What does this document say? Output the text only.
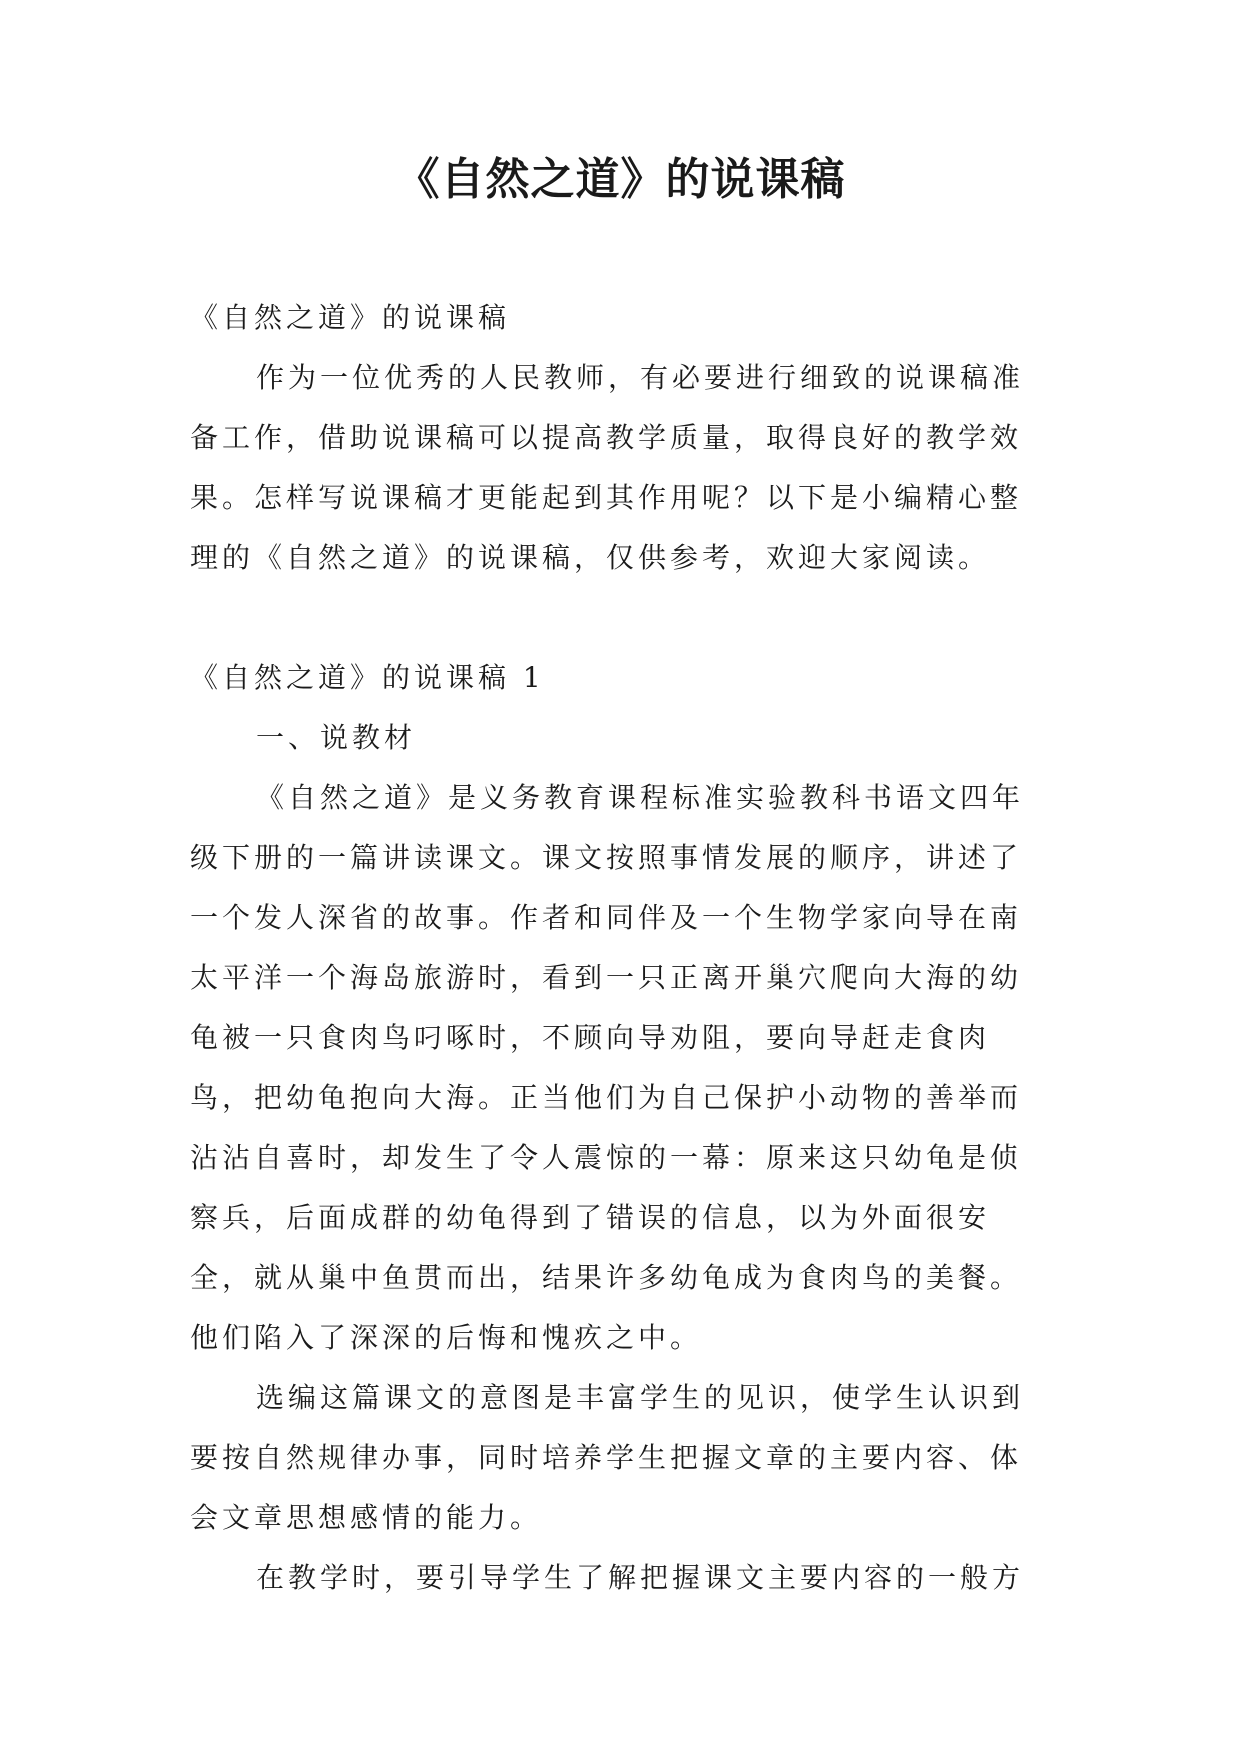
《自然之道》的说课稿

《自然之道》的说课稿

作为一位优秀的人民教师，有必要进行细致的说课稿准备工作，借助说课稿可以提高教学质量，取得良好的教学效果。怎样写说课稿才更能起到其作用呢？以下是小编精心整理的《自然之道》的说课稿，仅供参考，欢迎大家阅读。

《自然之道》的说课稿 1

一、说教材

《自然之道》是义务教育课程标准实验教科书语文四年级下册的一篇讲读课文。课文按照事情发展的顺序，讲述了一个发人深省的故事。作者和同伴及一个生物学家向导在南太平洋一个海岛旅游时，看到一只正离开巢穴爬向大海的幼龟被一只食肉鸟叼啄时，不顾向导劝阻，要向导赶走食肉鸟，把幼龟抱向大海。正当他们为自己保护小动物的善举而沾沾自喜时，却发生了令人震惊的一幕：原来这只幼龟是侦察兵，后面成群的幼龟得到了错误的信息，以为外面很安全，就从巢中鱼贯而出，结果许多幼龟成为食肉鸟的美餐。他们陷入了深深的后悔和愧疚之中。

选编这篇课文的意图是丰富学生的见识，使学生认识到要按自然规律办事，同时培养学生把握文章的主要内容、体会文章思想感情的能力。

在教学时，要引导学生了解把握课文主要内容的一般方
